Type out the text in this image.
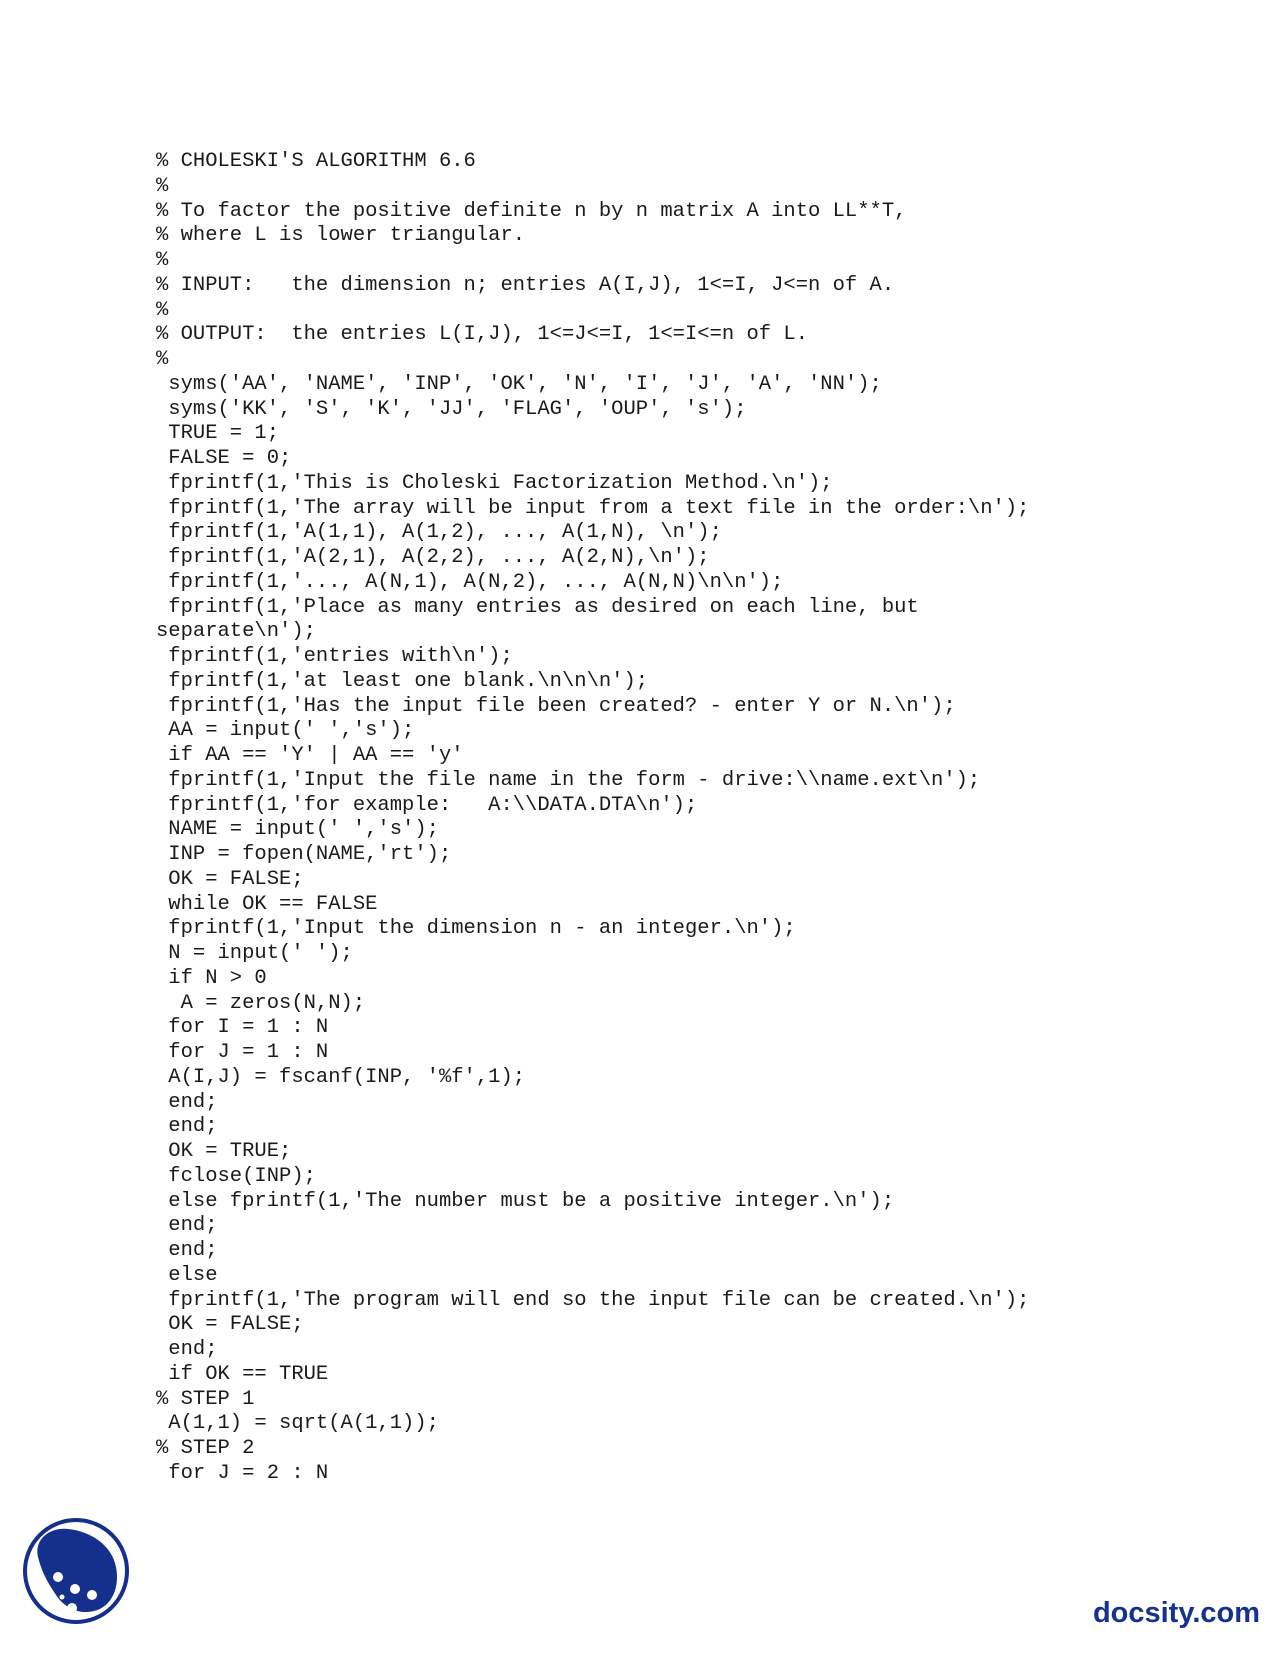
% CHOLESKI'S ALGORITHM 6.6
%
% To factor the positive definite n by n matrix A into LL**T,
% where L is lower triangular.
%
% INPUT:   the dimension n; entries A(I,J), 1<=I, J<=n of A.
%
% OUTPUT:  the entries L(I,J), 1<=J<=I, 1<=I<=n of L.
%
syms('AA', 'NAME', 'INP', 'OK', 'N', 'I', 'J', 'A', 'NN');
syms('KK', 'S', 'K', 'JJ', 'FLAG', 'OUP', 's');
TRUE = 1;
FALSE = 0;
fprintf(1,'This is Choleski Factorization Method.\n');
fprintf(1,'The array will be input from a text file in the order:\n');
fprintf(1,'A(1,1), A(1,2), ..., A(1,N), \n');
fprintf(1,'A(2,1), A(2,2), ..., A(2,N),\n');
fprintf(1,'..., A(N,1), A(N,2), ..., A(N,N)\n\n');
fprintf(1,'Place as many entries as desired on each line, but
separate\n');
fprintf(1,'entries with\n');
fprintf(1,'at least one blank.\n\n\n');
fprintf(1,'Has the input file been created? - enter Y or N.\n');
AA = input(' ','s');
if AA == 'Y' | AA == 'y'
fprintf(1,'Input the file name in the form - drive:\\name.ext\n');
fprintf(1,'for example:   A:\\DATA.DTA\n');
NAME = input(' ','s');
INP = fopen(NAME,'rt');
OK = FALSE;
while OK == FALSE
fprintf(1,'Input the dimension n - an integer.\n');
N = input(' ');
if N > 0
A = zeros(N,N);
for I = 1 : N
for J = 1 : N
A(I,J) = fscanf(INP, '%f',1);
end;
end;
OK = TRUE;
fclose(INP);
else fprintf(1,'The number must be a positive integer.\n');
end;
end;
else
fprintf(1,'The program will end so the input file can be created.\n');
OK = FALSE;
end;
if OK == TRUE
% STEP 1
A(1,1) = sqrt(A(1,1));
% STEP 2
for J = 2 : N
docsity.com
